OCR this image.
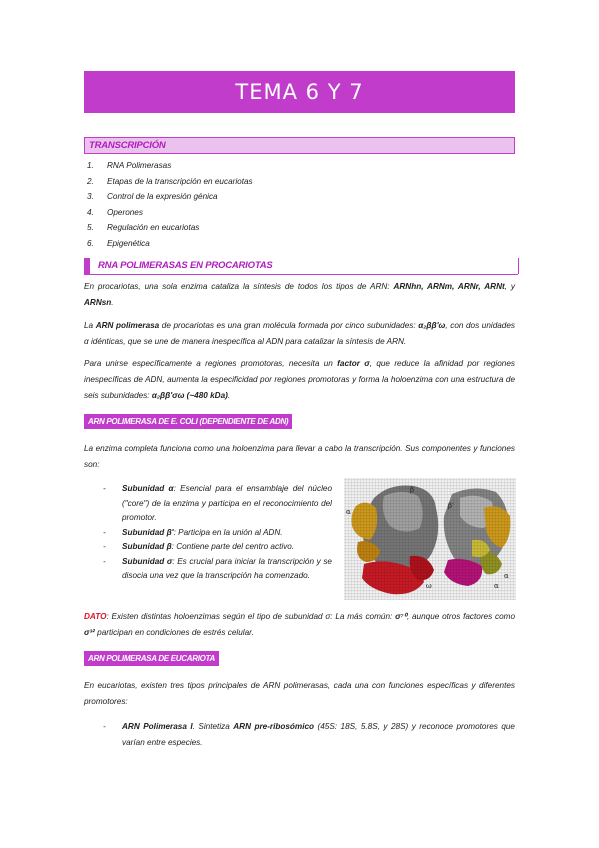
TEMA 6 Y 7
TRANSCRIPCIÓN
1. RNA Polimerasas
2. Etapas de la transcripción en eucariotas
3. Control de la expresión génica
4. Operones
5. Regulación en eucariotas
6. Epigenética
RNA POLIMERASAS EN PROCARIOTAS
En procariotas, una sola enzima cataliza la síntesis de todos los tipos de ARN: ARNhn, ARNm, ARNr, ARNt, y ARNsn.
La ARN polimerasa de procariotas es una gran molécula formada por cinco subunidades: α₂ββ'ω, con dos unidades α idénticas, que se une de manera inespecífica al ADN para catalizar la síntesis de ARN.
Para unirse específicamente a regiones promotoras, necesita un factor σ, que reduce la afinidad por regiones inespecíficas de ADN, aumenta la especificidad por regiones promotoras y forma la holoenzima con una estructura de seis subunidades: α₂ββ'σω (~480 kDa).
ARN POLIMERASA DE E. COLI (DEPENDIENTE DE ADN)
La enzima completa funciona como una holoenzima para llevar a cabo la transcripción. Sus componentes y funciones son:
- Subunidad α: Esencial para el ensamblaje del núcleo ("core") de la enzima y participa en el reconocimiento del promotor.
- Subunidad β': Participa en la unión al ADN.
- Subunidad β: Contiene parte del centro activo.
- Subunidad σ: Es crucial para iniciar la transcripción y se disocia una vez que la transcripción ha comenzado.
β
β'
α
ω
α
α
DATO: Existen distintas holoenzimas según el tipo de subunidad σ: La más común: σ⁷⁰, aunque otros factores como σ³² participan en condiciones de estrés celular.
ARN POLIMERASA DE EUCARIOTA
En eucariotas, existen tres tipos principales de ARN polimerasas, cada una con funciones específicas y diferentes promotores:
- ARN Polimerasa I. Sintetiza ARN pre-ribosómico (45S: 18S, 5.8S, y 28S) y reconoce promotores que varían entre especies.
